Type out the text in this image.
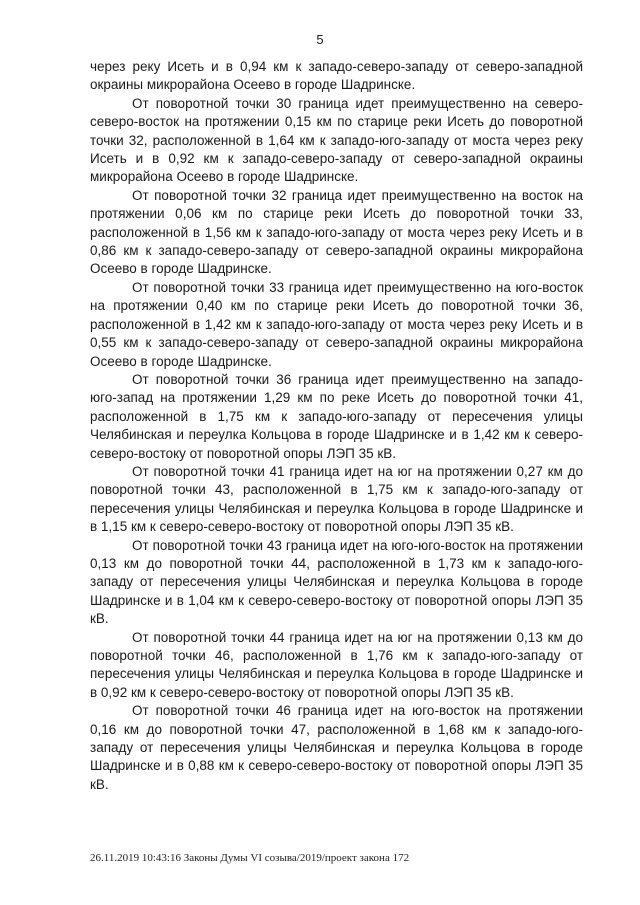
5

через реку Исеть и в 0,94 км к западо-северо-западу от северо-западной окраины микрорайона Осеево в городе Шадринске.

От поворотной точки 30 граница идет преимущественно на северо-северо-восток на протяжении 0,15 км по старице реки Исеть до поворотной точки 32, расположенной в 1,64 км к западо-юго-западу от моста через реку Исеть и в 0,92 км к западо-северо-западу от северо-западной окраины микрорайона Осеево в городе Шадринске.

От поворотной точки 32 граница идет преимущественно на восток на протяжении 0,06 км по старице реки Исеть до поворотной точки 33, расположенной в 1,56 км к западо-юго-западу от моста через реку Исеть и в 0,86 км к западо-северо-западу от северо-западной окраины микрорайона Осеево в городе Шадринске.

От поворотной точки 33 граница идет преимущественно на юго-восток на протяжении 0,40 км по старице реки Исеть до поворотной точки 36, расположенной в 1,42 км к западо-юго-западу от моста через реку Исеть и в 0,55 км к западо-северо-западу от северо-западной окраины микрорайона Осеево в городе Шадринске.

От поворотной точки 36 граница идет преимущественно на западо-юго-запад на протяжении 1,29 км по реке Исеть до поворотной точки 41, расположенной в 1,75 км к западо-юго-западу от пересечения улицы Челябинская и переулка Кольцова в городе Шадринске и в 1,42 км к северо-северо-востоку от поворотной опоры ЛЭП 35 кВ.

От поворотной точки 41 граница идет на юг на протяжении 0,27 км до поворотной точки 43, расположенной в 1,75 км к западо-юго-западу от пересечения улицы Челябинская и переулка Кольцова в городе Шадринске и в 1,15 км к северо-северо-востоку от поворотной опоры ЛЭП 35 кВ.

От поворотной точки 43 граница идет на юго-юго-восток на протяжении 0,13 км до поворотной точки 44, расположенной в 1,73 км к западо-юго-западу от пересечения улицы Челябинская и переулка Кольцова в городе Шадринске и в 1,04 км к северо-северо-востоку от поворотной опоры ЛЭП 35 кВ.

От поворотной точки 44 граница идет на юг на протяжении 0,13 км до поворотной точки 46, расположенной в 1,76 км к западо-юго-западу от пересечения улицы Челябинская и переулка Кольцова в городе Шадринске и в 0,92 км к северо-северо-востоку от поворотной опоры ЛЭП 35 кВ.

От поворотной точки 46 граница идет на юго-восток на протяжении 0,16 км до поворотной точки 47, расположенной в 1,68 км к западо-юго-западу от пересечения улицы Челябинская и переулка Кольцова в городе Шадринске и в 0,88 км к северо-северо-востоку от поворотной опоры ЛЭП 35 кВ.

26.11.2019 10:43:16 Законы Думы VI созыва/2019/проект закона 172
